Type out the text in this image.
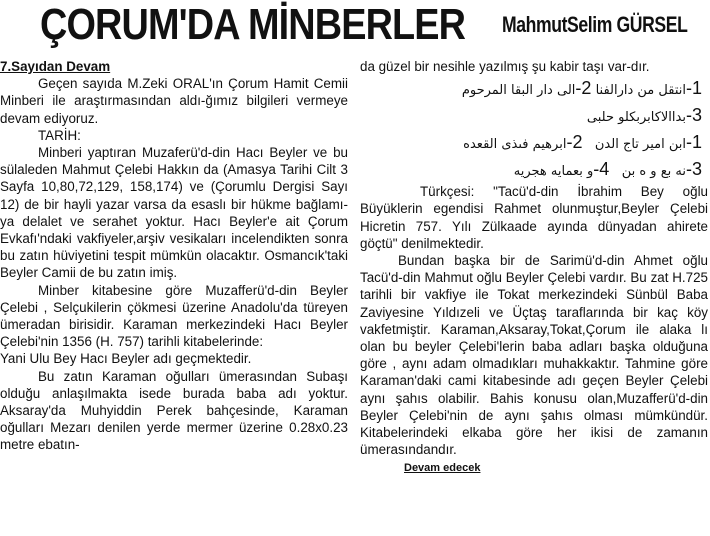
ÇORUM'DA MİNBERLER MahmutSelim GÜRSEL

7.Sayıdan Devam

Geçen sayıda M.Zeki ORAL'ın Çorum Hamit Cemii Minberi ile araştırmasından aldı-ğımız bilgileri vermeye devam ediyoruz.

TARİH:

Minberi yaptıran Muzaferü'd-din Hacı Beyler ve bu sülaleden Mahmut Çelebi Hakkın da (Amasya Tarihi Cilt 3 Sayfa 10,80,72,129, 158,174) ve (Çorumlu Dergisi Sayı 12) de bir hayli yazar varsa da esaslı bir hükme bağlamı-ya delalet ve serahet yoktur. Hacı Beyler'e ait Çorum Evkafı'ndaki vakfiyeler,arşiv vesikaları incelendikten sonra bu zatın hüviyetini tespit mümkün olacaktır. Osmancık'taki Beyler Camii de bu zatın imiş.

Minber kitabesine göre Muzafferü'd-din Beyler Çelebi , Selçukilerin çökmesi üzerine Anadolu'da türeyen ümeradan birisidir. Karaman merkezindeki Hacı Beyler Çelebi'nin 1356 (H. 757) tarihli kitabelerinde:

Yani Ulu Bey Hacı Beyler adı geçmektedir.

Bu zatın Karaman oğulları ümerasından Subaşı olduğu anlaşılmakta isede burada baba adı yoktur. Aksaray'da Muhyiddin Perek bahçesinde, Karaman oğulları Mezarı denilen yerde mermer üzerine 0.28x0.23 metre ebatın-

da güzel bir nesihle yazılmış şu kabir taşı var-dır.

1-انتقل من دارالفنا 2-الى دار البقا المرحوم

3-بداالاكابربكلو حلبى

1-ابن امير تاج الدن   2-ابرهيم فىذى القعده

3-نه بع و ه بن   4-و بعمايه هجريه

Türkçesi: "Tacü'd-din İbrahim Bey oğlu Büyüklerin egendisi Rahmet olunmuştur,Beyler Çelebi Hicretin 757. Yılı Zülkaade ayında dünyadan ahirete göçtü" denilmektedir.

Bundan başka bir de Sarimü'd-din Ahmet oğlu Tacü'd-din Mahmut oğlu Beyler Çelebi vardır. Bu zat H.725 tarihli bir vakfiye ile Tokat merkezindeki Sünbül Baba Zaviyesine Yıldızeli ve Üçtaş taraflarında bir kaç köy vakfetmiştir. Karaman,Aksaray,Tokat,Çorum ile alaka lı olan bu beyler Çelebi'lerin baba adları başka olduğuna göre , aynı adam olmadıkları muhakkaktır. Tahmine göre Karaman'daki cami kitabesinde adı geçen Beyler Çelebi aynı şahıs olabilir. Bahis konusu olan,Muzafferü'd-din Beyler Çelebi'nin de aynı şahıs olması mümkündür. Kitabelerindeki elkaba göre her ikisi de zamanın ümerasındandır.

Devam edecek
